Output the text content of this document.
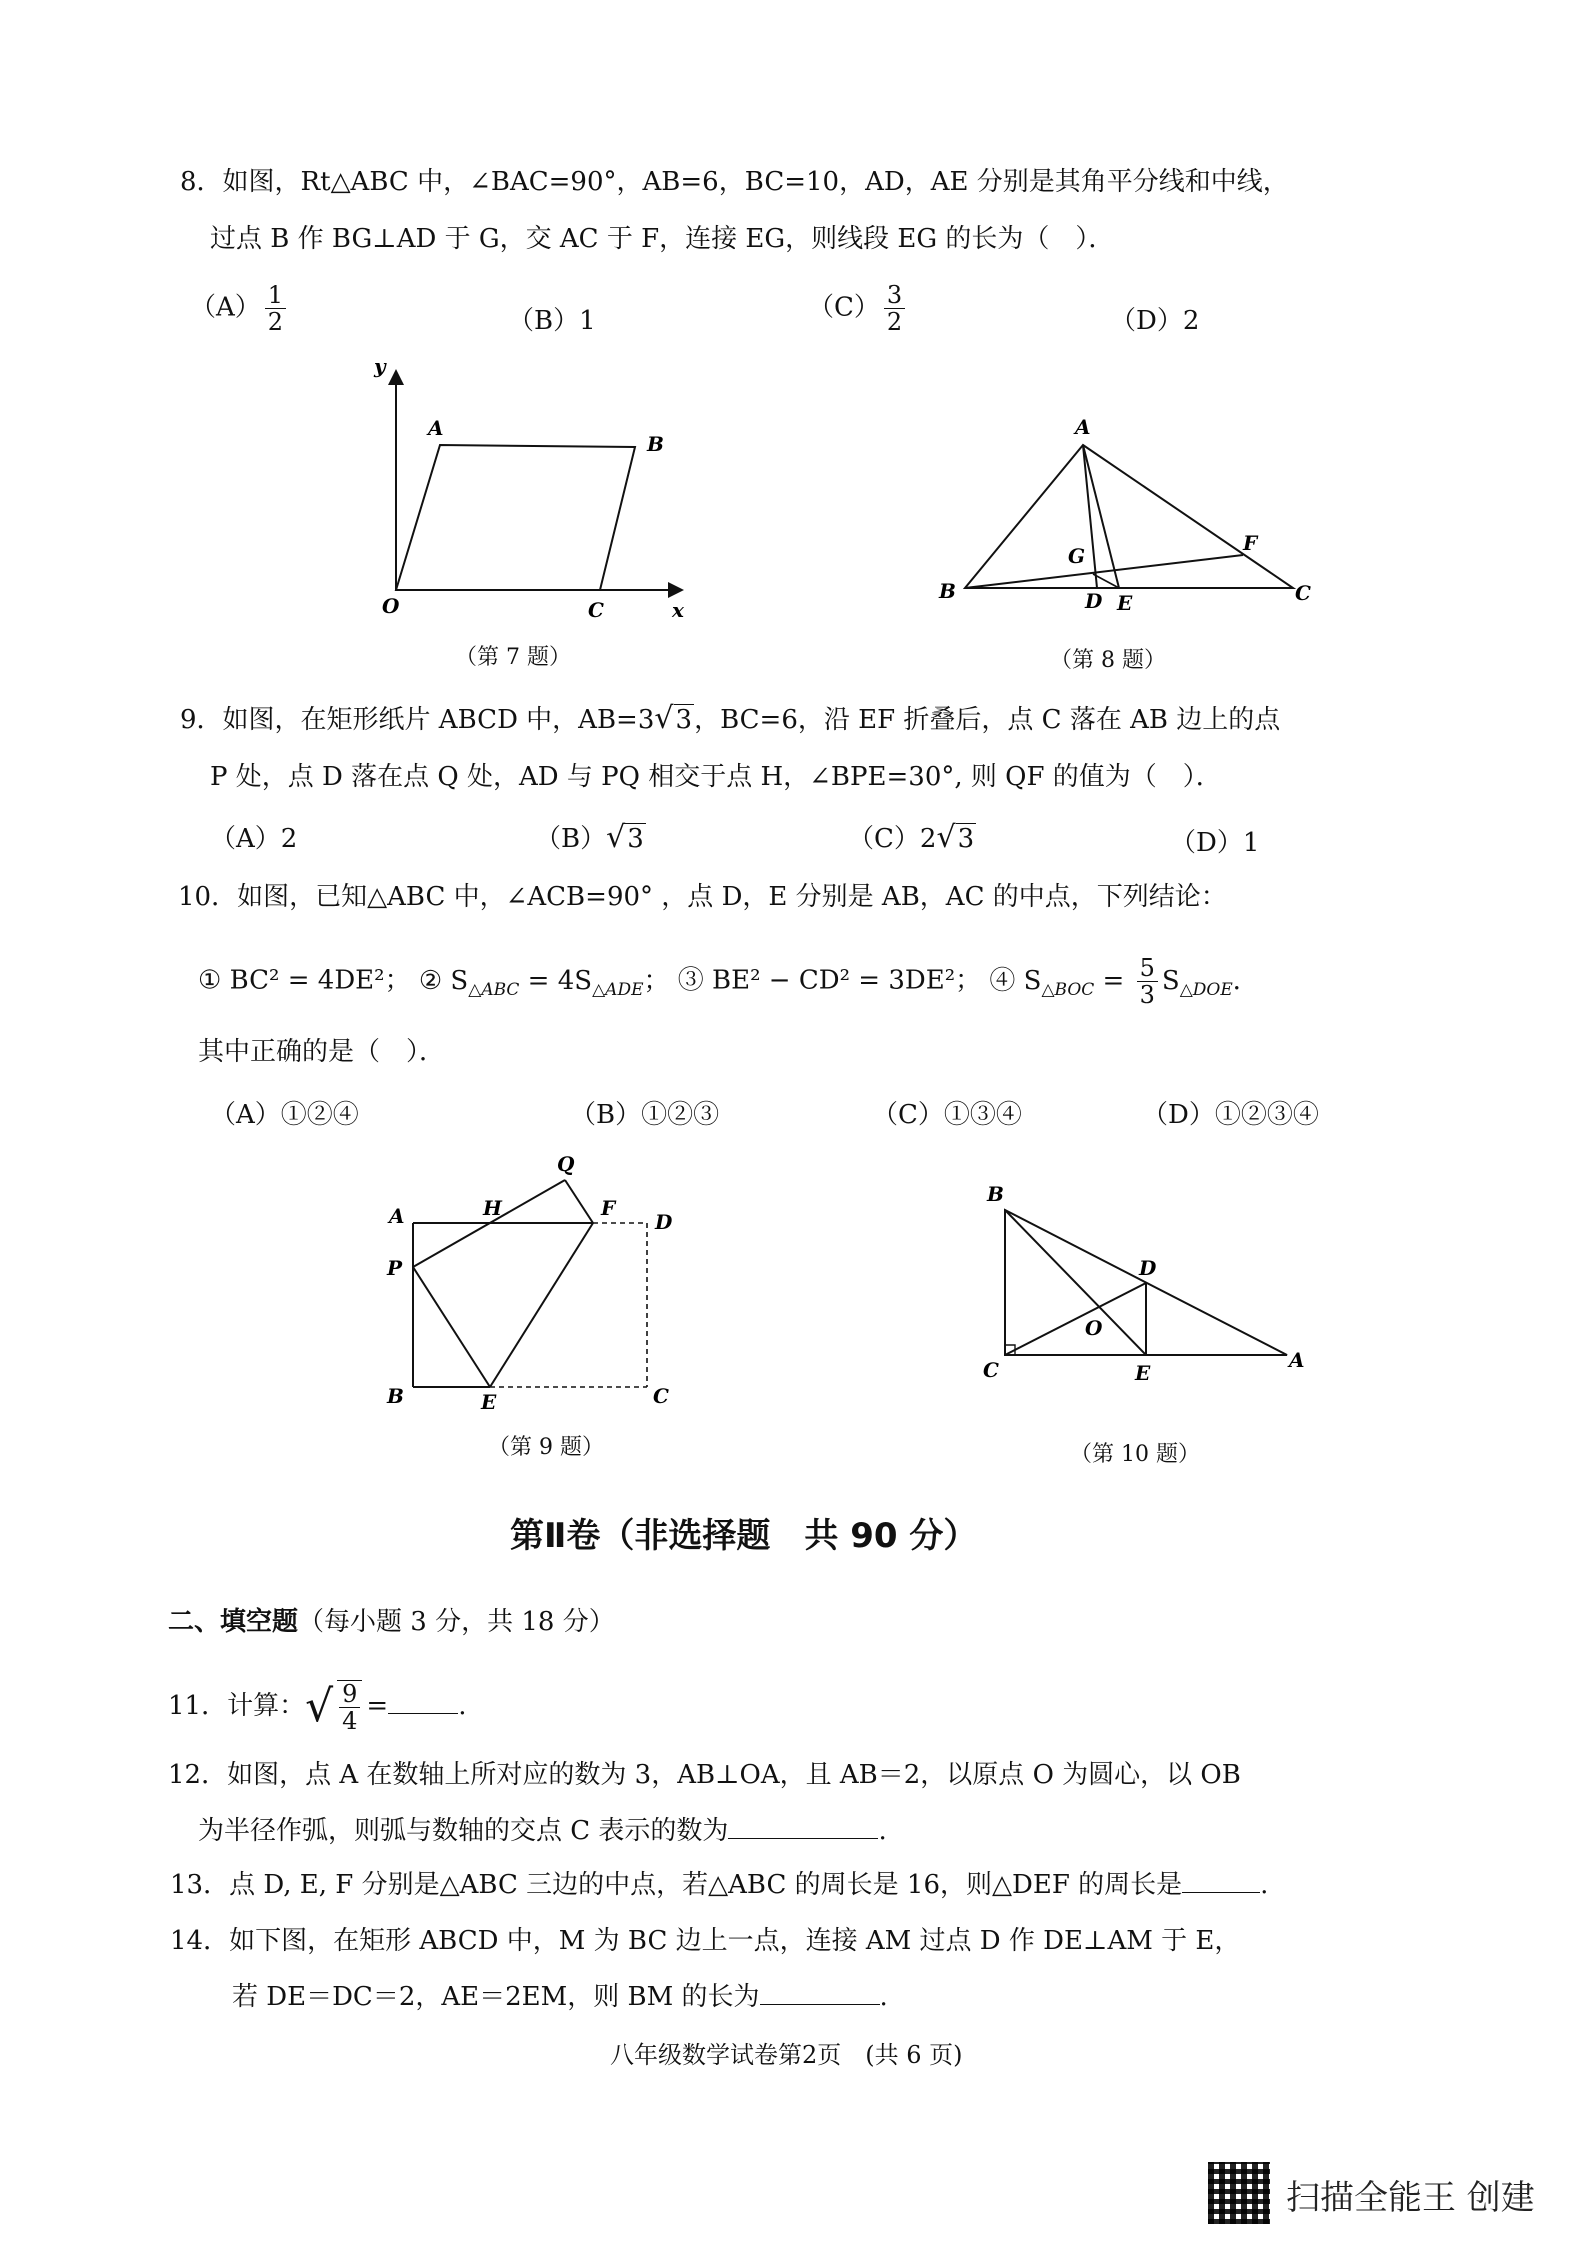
8．如图，Rt△ABC 中，∠BAC=90°，AB=6，BC=10，AD，AE 分别是其角平分线和中线，
过点 B 作 BG⊥AD 于 G，交 AC 于 F，连接 EG，则线段 EG 的长为（　）．
$(A) \frac{1}{2}$	（B）1	$(C) \frac{3}{2}$	（D）2
y
A
B
O	C	x
（第 7 题）
A
F
G
B	D E	C
（第 8 题）
9．如图，在矩形纸片 ABCD 中，AB=3√3，BC=6，沿 EF 折叠后，点 C 落在 AB 边上的点
P 处，点 D 落在点 Q 处，AD 与 PQ 相交于点 H，∠BPE=30°, 则 QF 的值为（　）．
（A）2	（B）√3	（C）2√3	（D）1
10．如图，已知△ABC 中，∠ACB=90° ，点 D，E 分别是 AB，AC 的中点，下列结论：
① BC² = 4DE²； ② $S_{\triangle ABC} = 4S_{\triangle ADE}$； ③ BE² − CD² = 3DE²； ④ $S_{\triangle BOC} = \frac{5}{3} S_{\triangle DOE}$．
其中正确的是（　）．
（A）①②④	（B）①②③	（C）①③④	（D）①②③④
Q
A	H	F
D
P
B	E	C
（第 9 题）
B
D
O
C	E
A
（第 10 题）
第Ⅱ卷（非选择题　共 90 分）
二、填空题（每小题 3 分，共 18 分）
11．计算：√ $\frac{9}{4}$ =	.
12．如图，点 A 在数轴上所对应的数为 3，AB⊥OA，且 AB＝2，以原点 O 为圆心，以 OB
为半径作弧，则弧与数轴的交点 C 表示的数为	.
13．点 D, E, F 分别是△ABC 三边的中点，若△ABC 的周长是 16，则△DEF 的周长是	.
14．如下图，在矩形 ABCD 中，M 为 BC 边上一点，连接 AM 过点 D 作 DE⊥AM 于 E，
若 DE＝DC＝2，AE＝2EM，则 BM 的长为	.
八年级数学试卷第2页　(共 6 页)
扫描全能王 创建
